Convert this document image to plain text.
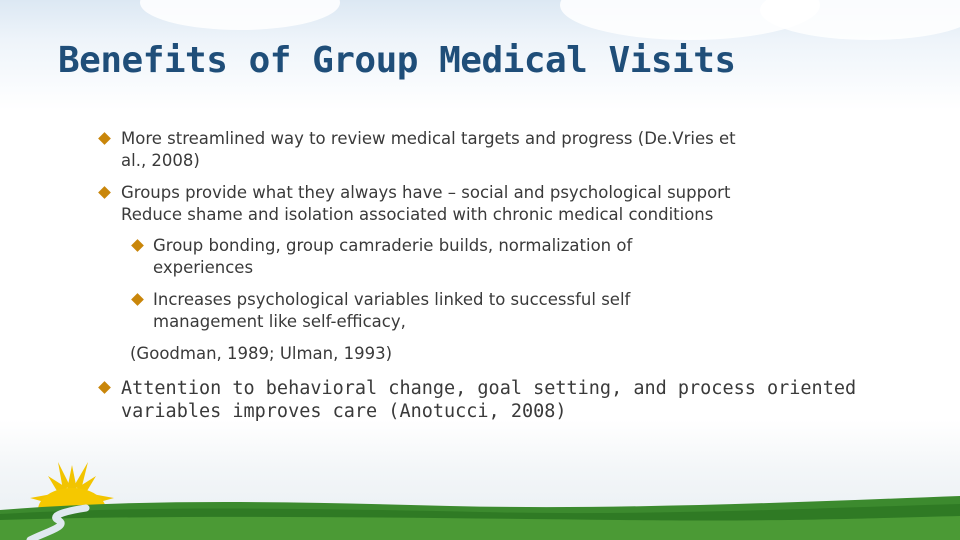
Benefits of Group Medical Visits
More streamlined way to review medical targets and progress (De.Vries et
al., 2008)
Groups provide what they always have – social and psychological support
Reduce shame and isolation associated with chronic medical conditions
Group bonding, group camraderie builds, normalization of
experiences
Increases psychological variables linked to successful self
management like self-efficacy,
(Goodman, 1989; Ulman, 1993)
Attention to behavioral change, goal setting, and process oriented
variables improves care (Anotucci, 2008)
